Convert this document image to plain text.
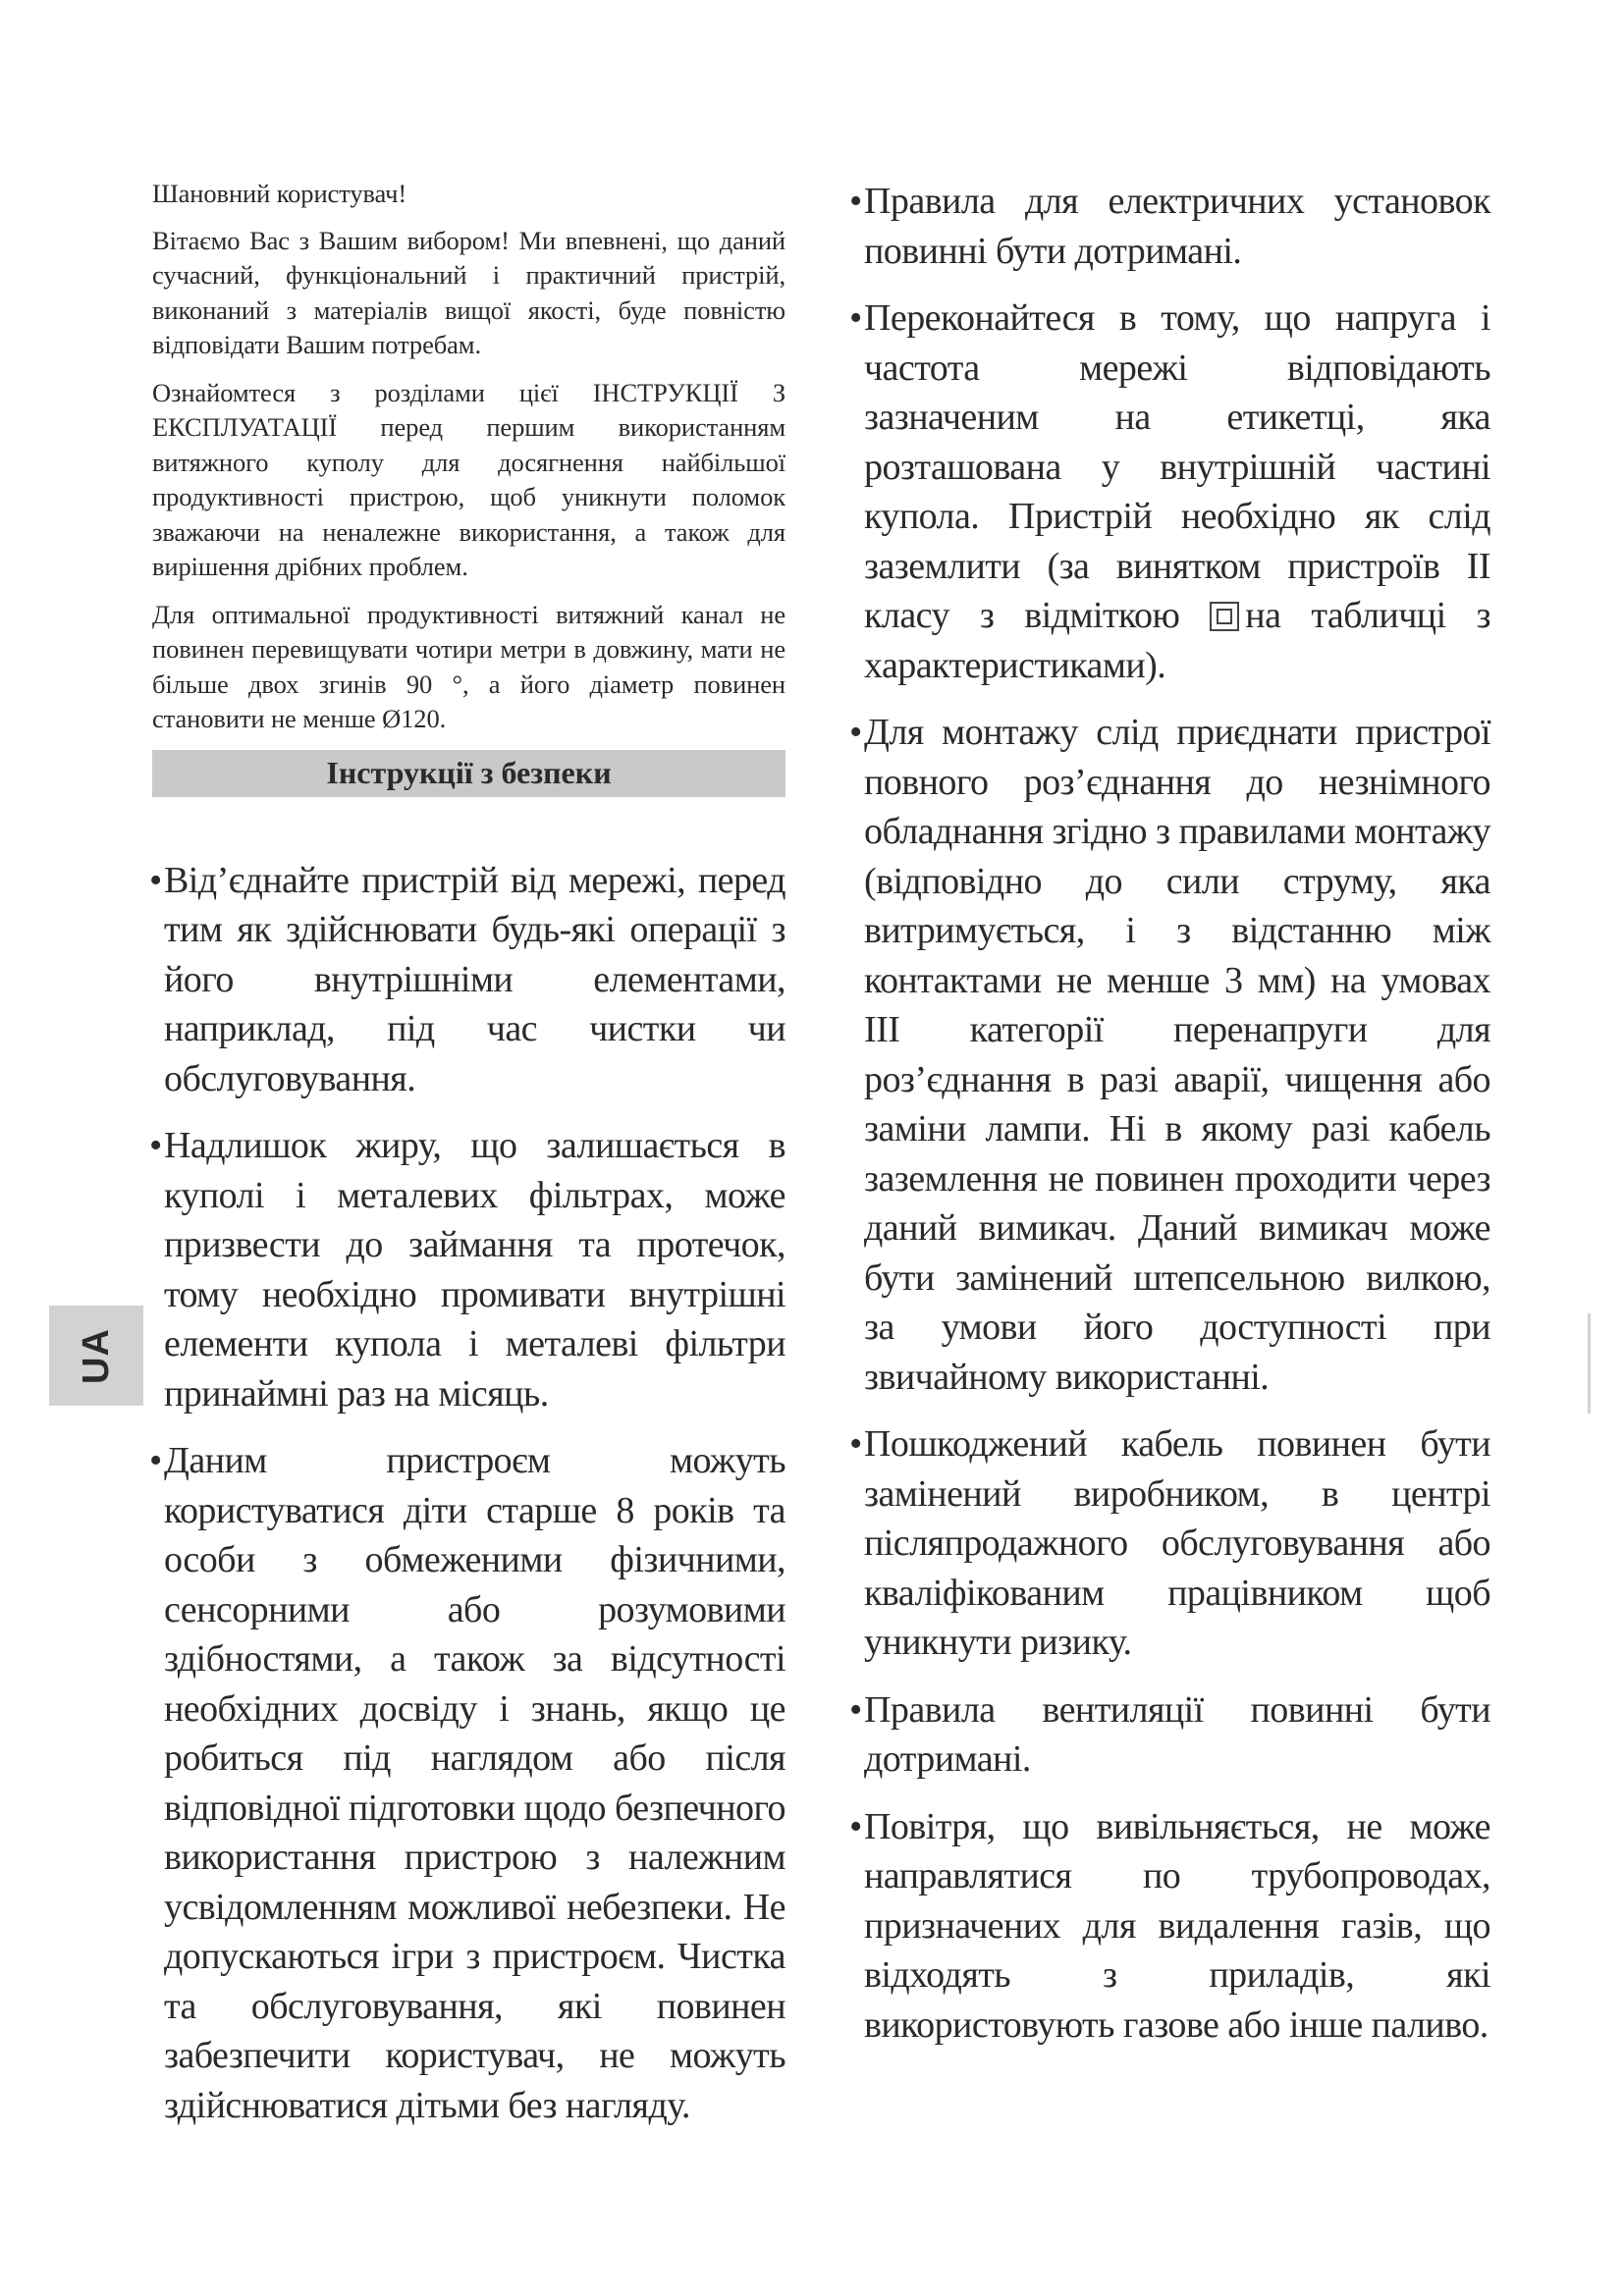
Шановний користувач!

Вітаємо Вас з Вашим вибором! Ми впевнені, що даний сучасний, функціональний і практичний пристрій, виконаний з матеріалів вищої якості, буде повністю відповідати Вашим потребам.

Ознайомтеся з розділами цієї ІНСТРУКЦІЇ З ЕКСПЛУАТАЦІЇ перед першим використанням витяжного куполу для досягнення найбільшої продуктивності пристрою, щоб уникнути поломок зважаючи на неналежне використання, а також для вирішення дрібних проблем.

Для оптимальної продуктивності витяжний канал не повинен перевищувати чотири метри в довжину, мати не більше двох згинів 90 °, а його діаметр повинен становити не менше Ø120.

Інструкції з безпеки

• Від’єднайте пристрій від мережі, перед тим як здійснювати будь-які операції з його внутрішніми елементами, наприклад, під час чистки чи обслуговування.

• Надлишок жиру, що залишається в куполі і металевих фільтрах, може призвести до займання та протечок, тому необхідно промивати внутрішні елементи купола і металеві фільтри принаймні раз на місяць.

• Даним пристроєм можуть користуватися діти старше 8 років та особи з обмеженими фізичними, сенсорними або розумовими здібностями, а також за відсутності необхідних досвіду і знань, якщо це робиться під наглядом або після відповідної підготовки щодо безпечного використання пристрою з належним усвідомленням можливої небезпеки. Не допускаються ігри з пристроєм. Чистка та обслуговування, які повинен забезпечити користувач, не можуть здійснюватися дітьми без нагляду.

• Правила для електричних установок повинні бути дотримані.

• Переконайтеся в тому, що напруга і частота мережі відповідають зазначеним на етикетці, яка розташована у внутрішній частині купола. Пристрій необхідно як слід заземлити (за винятком пристроїв II класу з відміткою на табличці з характеристиками).

• Для монтажу слід приєднати пристрої повного роз’єднання до незнімного обладнання згідно з правилами монтажу (відповідно до сили струму, яка витримується, і з відстанню між контактами не менше 3 мм) на умовах III категорії перенапруги для роз’єднання в разі аварії, чищення або заміни лампи. Ні в якому разі кабель заземлення не повинен проходити через даний вимикач. Даний вимикач може бути замінений штепсельною вилкою, за умови його доступності при звичайному використанні.

• Пошкоджений кабель повинен бути замінений виробником, в центрі післяпродажного обслуговування або кваліфікованим працівником щоб уникнути ризику.

• Правила вентиляції повинні бути дотримані.

• Повітря, що вивільняється, не може направлятися по трубопроводах, призначених для видалення газів, що відходять з приладів, які використовують газове або інше паливо.

UA
